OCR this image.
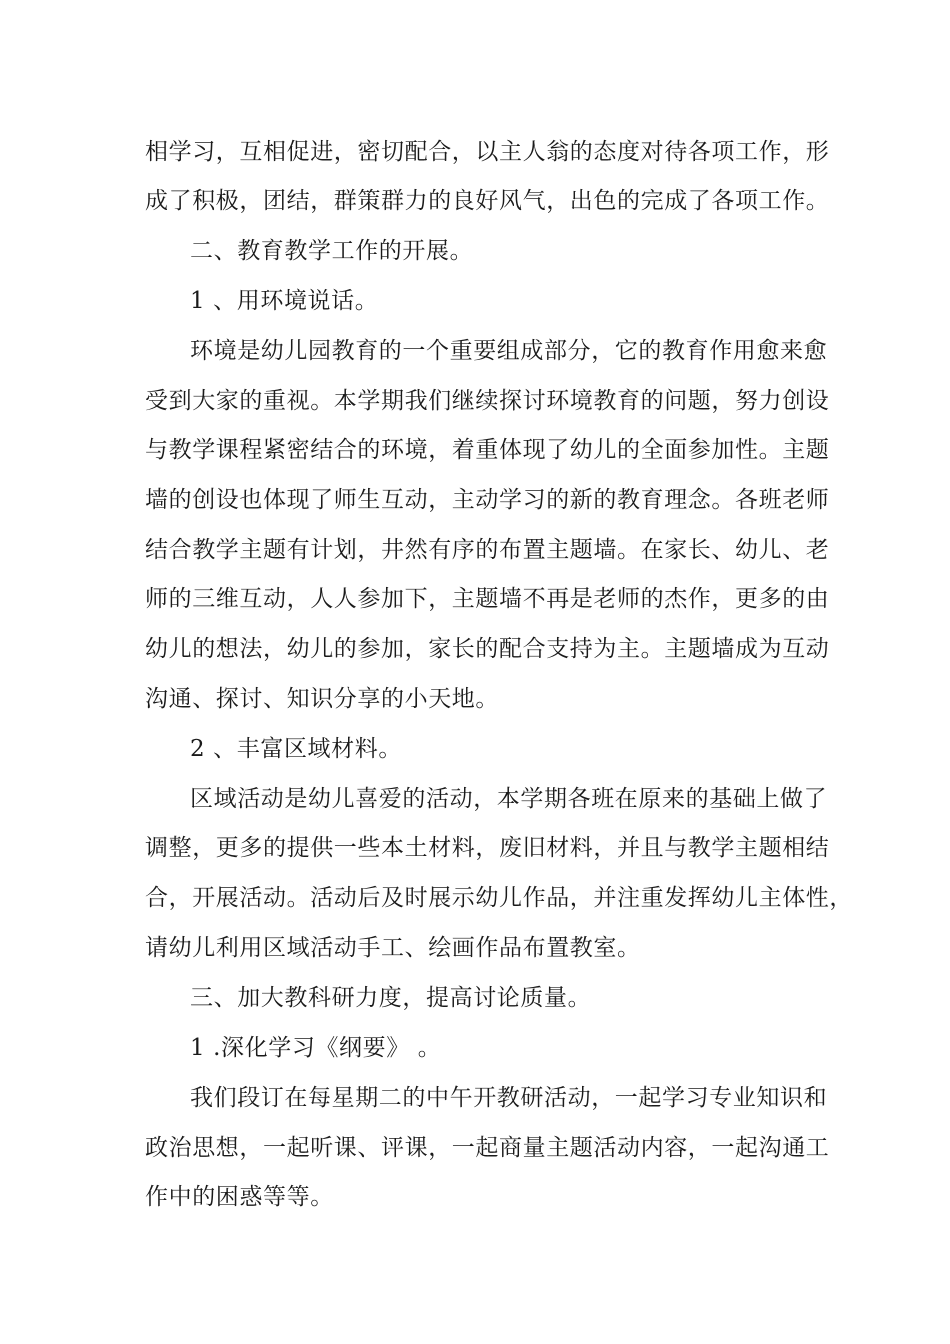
相学习，互相促进，密切配合，以主人翁的态度对待各项工作，形
成了积极，团结，群策群力的良好风气，出色的完成了各项工作。
二、教育教学工作的开展。
1 、用环境说话。
环境是幼儿园教育的一个重要组成部分，它的教育作用愈来愈
受到大家的重视。本学期我们继续探讨环境教育的问题，努力创设
与教学课程紧密结合的环境，着重体现了幼儿的全面参加性。主题
墙的创设也体现了师生互动，主动学习的新的教育理念。各班老师
结合教学主题有计划，井然有序的布置主题墙。在家长、幼儿、老
师的三维互动，人人参加下，主题墙不再是老师的杰作，更多的由
幼儿的想法，幼儿的参加，家长的配合支持为主。主题墙成为互动
沟通、探讨、知识分享的小天地。
2 、丰富区域材料。
区域活动是幼儿喜爱的活动，本学期各班在原来的基础上做了
调整，更多的提供一些本土材料，废旧材料，并且与教学主题相结
合，开展活动。活动后及时展示幼儿作品，并注重发挥幼儿主体性，
请幼儿利用区域活动手工、绘画作品布置教室。
三、加大教科研力度，提高讨论质量。
1 .深化学习《纲要》 。
我们段订在每星期二的中午开教研活动，一起学习专业知识和
政治思想，一起听课、评课，一起商量主题活动内容，一起沟通工
作中的困惑等等。
